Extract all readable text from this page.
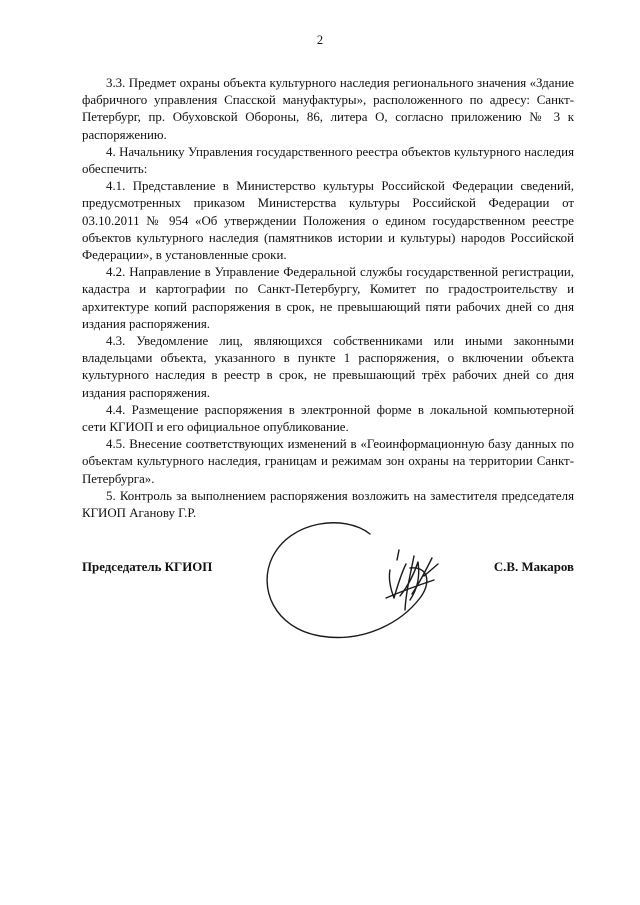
2

3.3. Предмет охраны объекта культурного наследия регионального значения «Здание фабричного управления Спасской мануфактуры», расположенного по адресу: Санкт-Петербург, пр. Обуховской Обороны, 86, литера О, согласно приложению № 3 к распоряжению.

4. Начальнику Управления государственного реестра объектов культурного наследия обеспечить:

4.1. Представление в Министерство культуры Российской Федерации сведений, предусмотренных приказом Министерства культуры Российской Федерации от 03.10.2011 № 954 «Об утверждении Положения о едином государственном реестре объектов культурного наследия (памятников истории и культуры) народов Российской Федерации», в установленные сроки.

4.2. Направление в Управление Федеральной службы государственной регистрации, кадастра и картографии по Санкт-Петербургу, Комитет по градостроительству и архитектуре копий распоряжения в срок, не превышающий пяти рабочих дней со дня издания распоряжения.

4.3. Уведомление лиц, являющихся собственниками или иными законными владельцами объекта, указанного в пункте 1 распоряжения, о включении объекта культурного наследия в реестр в срок, не превышающий трёх рабочих дней со дня издания распоряжения.

4.4. Размещение распоряжения в электронной форме в локальной компьютерной сети КГИОП и его официальное опубликование.

4.5. Внесение соответствующих изменений в «Геоинформационную базу данных по объектам культурного наследия, границам и режимам зон охраны на территории Санкт-Петербурга».

5. Контроль за выполнением распоряжения возложить на заместителя председателя КГИОП Аганову Г.Р.

Председатель КГИОП	С.В. Макаров
